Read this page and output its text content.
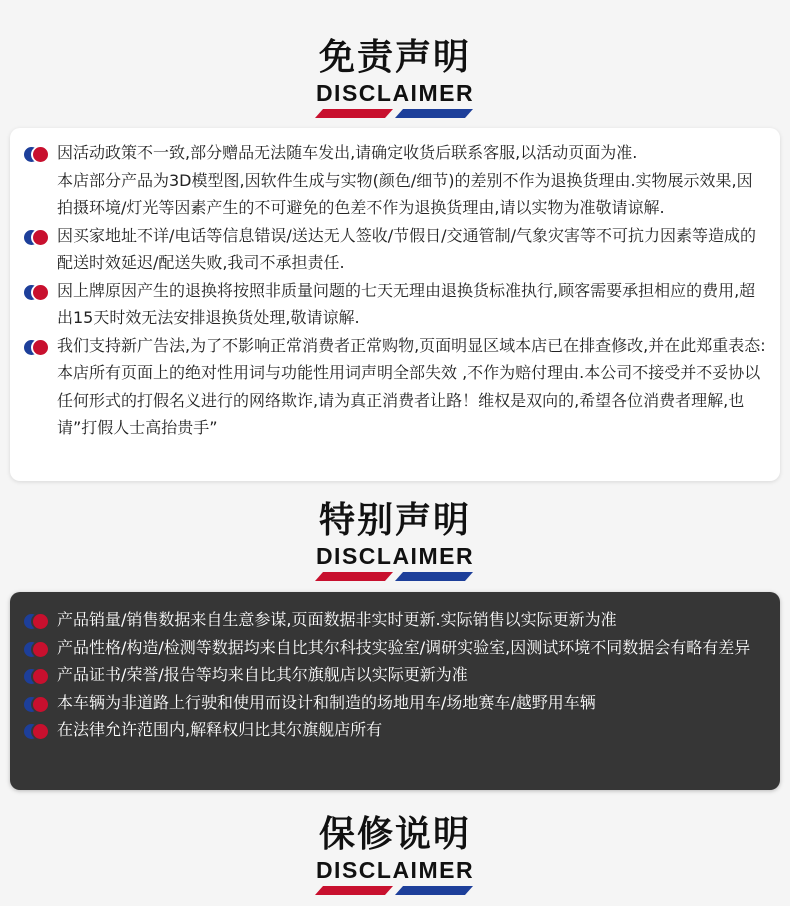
免责声明
DISCLAIMER
因活动政策不一致,部分赠品无法随车发出,请确定收货后联系客服,以活动页面为准.
本店部分产品为3D模型图,因软件生成与实物(颜色/细节)的差别不作为退换货理由.实物展示效果,因拍摄环境/灯光等因素产生的不可避免的色差不作为退换货理由,请以实物为准敬请谅解.
因买家地址不详/电话等信息错误/送达无人签收/节假日/交通管制/气象灾害等不可抗力因素等造成的配送时效延迟/配送失败,我司不承担责任.
因上牌原因产生的退换将按照非质量问题的七天无理由退换货标准执行,顾客需要承担相应的费用,超出15天时效无法安排退换货处理,敬请谅解.
我们支持新广告法,为了不影响正常消费者正常购物,页面明显区域本店已在排查修改,并在此郑重表态:本店所有页面上的绝对性用词与功能性用词声明全部失效 ,不作为赔付理由.本公司不接受并不妥协以任何形式的打假名义进行的网络欺诈,请为真正消费者让路！维权是双向的,希望各位消费者理解,也请”打假人士高抬贵手”
特别声明
DISCLAIMER
产品销量/销售数据来自生意参谋,页面数据非实时更新.实际销售以实际更新为准
产品性格/构造/检测等数据均来自比其尔科技实验室/调研实验室,因测试环境不同数据会有略有差异
产品证书/荣誉/报告等均来自比其尔旗舰店以实际更新为准
本车辆为非道路上行驶和使用而设计和制造的场地用车/场地赛车/越野用车辆
在法律允许范围内,解释权归比其尔旗舰店所有
保修说明
DISCLAIMER
